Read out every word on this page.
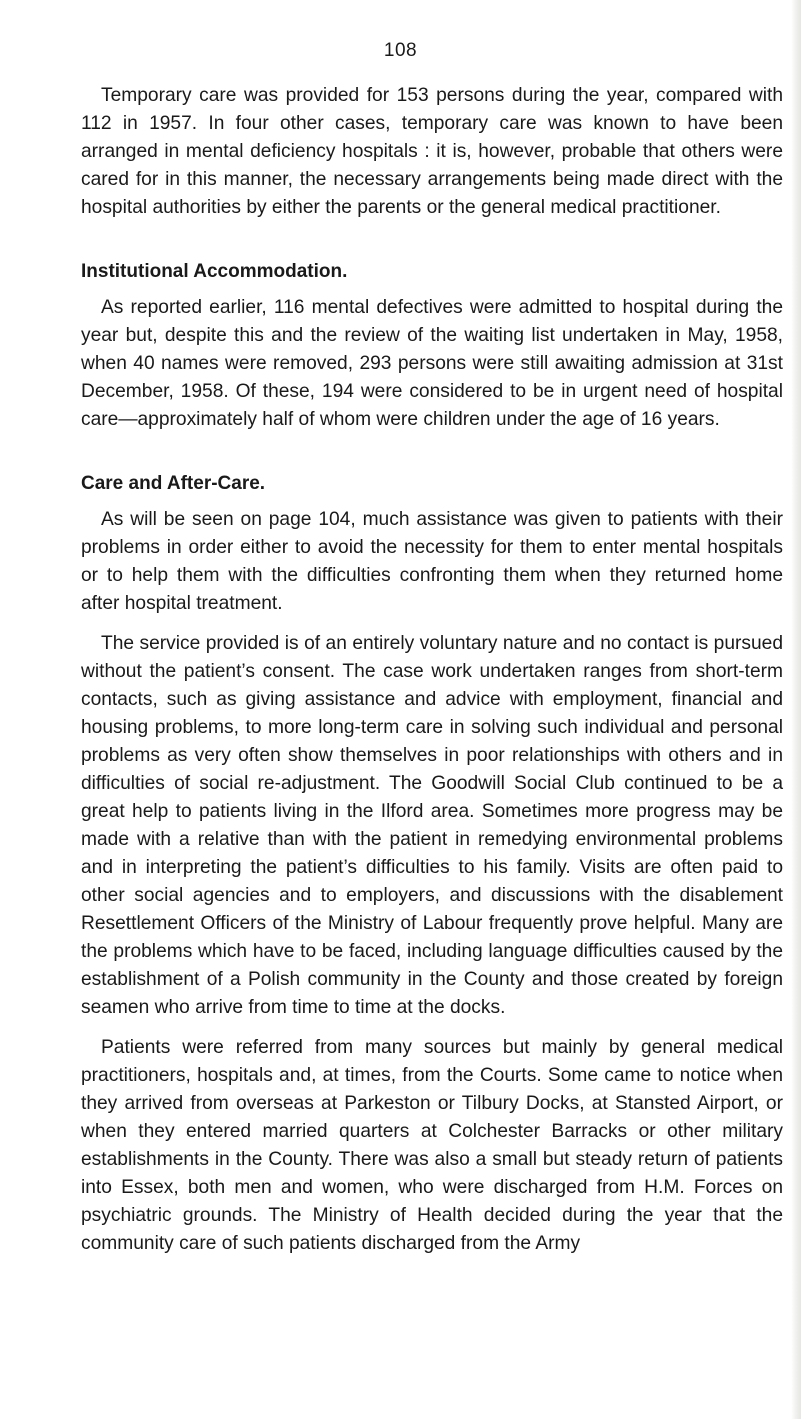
108

Temporary care was provided for 153 persons during the year, compared with 112 in 1957. In four other cases, temporary care was known to have been arranged in mental deficiency hospitals : it is, however, probable that others were cared for in this manner, the necessary arrangements being made direct with the hospital authorities by either the parents or the general medical practitioner.

Institutional Accommodation.

As reported earlier, 116 mental defectives were admitted to hospital during the year but, despite this and the review of the waiting list undertaken in May, 1958, when 40 names were removed, 293 persons were still awaiting admission at 31st December, 1958. Of these, 194 were considered to be in urgent need of hospital care—approximately half of whom were children under the age of 16 years.

Care and After-Care.

As will be seen on page 104, much assistance was given to patients with their problems in order either to avoid the necessity for them to enter mental hospitals or to help them with the difficulties confronting them when they returned home after hospital treatment.

The service provided is of an entirely voluntary nature and no contact is pursued without the patient’s consent. The case work undertaken ranges from short-term contacts, such as giving assistance and advice with employment, financial and housing problems, to more long-term care in solving such individual and personal problems as very often show themselves in poor relationships with others and in difficulties of social re-adjustment. The Goodwill Social Club continued to be a great help to patients living in the Ilford area. Sometimes more progress may be made with a relative than with the patient in remedying environmental problems and in interpreting the patient’s difficulties to his family. Visits are often paid to other social agencies and to employers, and discussions with the disablement Resettlement Officers of the Ministry of Labour frequently prove helpful. Many are the problems which have to be faced, including language difficulties caused by the establishment of a Polish community in the County and those created by foreign seamen who arrive from time to time at the docks.

Patients were referred from many sources but mainly by general medical practitioners, hospitals and, at times, from the Courts. Some came to notice when they arrived from overseas at Parkeston or Tilbury Docks, at Stansted Airport, or when they entered married quarters at Colchester Barracks or other military establishments in the County. There was also a small but steady return of patients into Essex, both men and women, who were discharged from H.M. Forces on psychiatric grounds. The Ministry of Health decided during the year that the community care of such patients discharged from the Army
